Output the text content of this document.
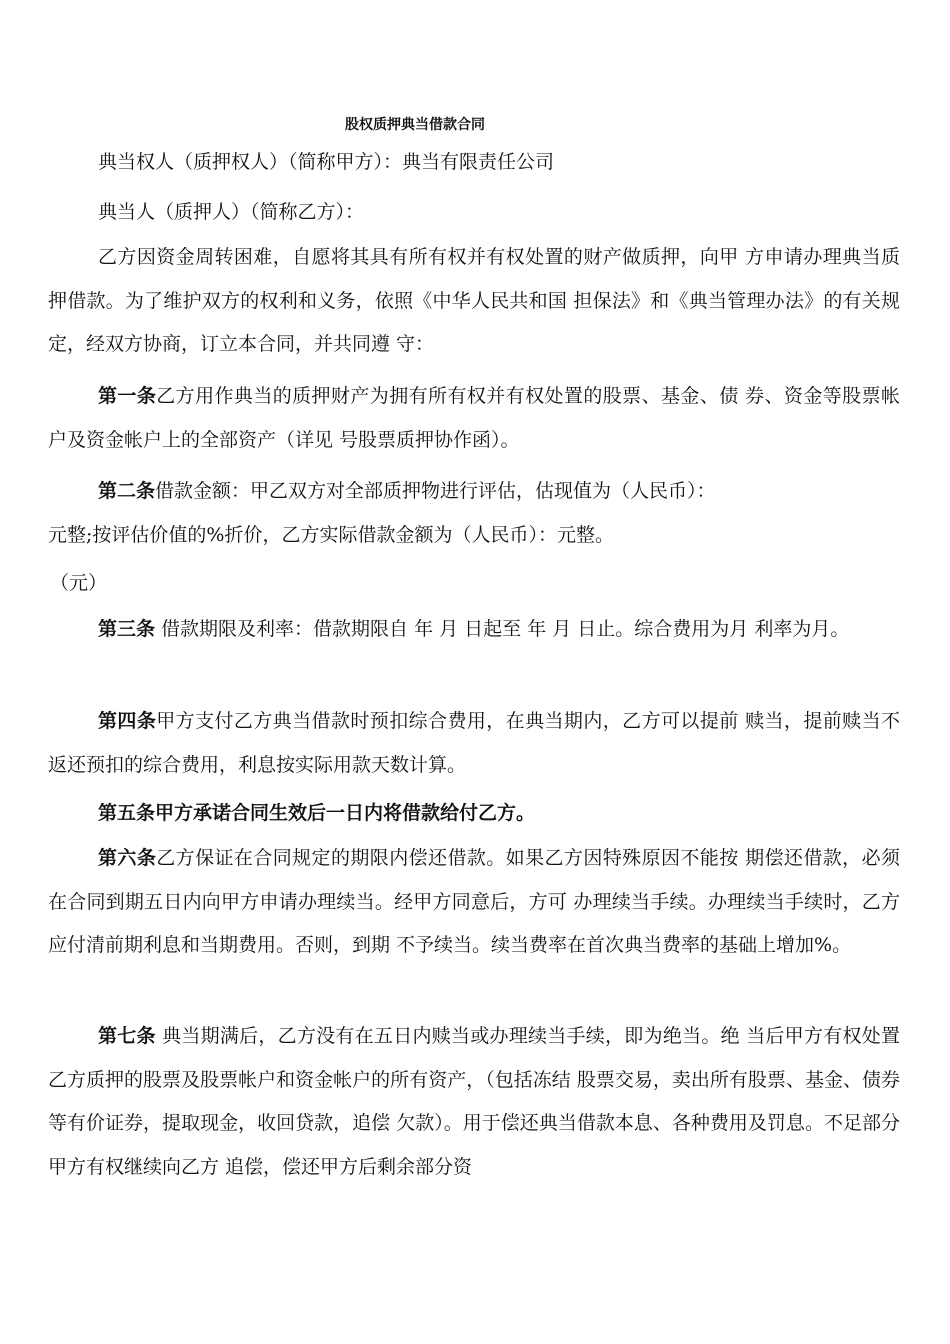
股权质押典当借款合同

典当权人（质押权人）（简称甲方）：典当有限责任公司

典当人（质押人）（简称乙方）：

乙方因资金周转困难，自愿将其具有所有权并有权处置的财产做质押，向甲 方申请办理典当质押借款。为了维护双方的权利和义务，依照《中华人民共和国 担保法》和《典当管理办法》的有关规定，经双方协商，订立本合同，并共同遵 守：

第一条乙方用作典当的质押财产为拥有所有权并有权处置的股票、基金、债 券、资金等股票帐户及资金帐户上的全部资产（详见 号股票质押协作函）。

第二条借款金额：甲乙双方对全部质押物进行评估，估现值为（人民币）：

元整;按评估价值的%折价，乙方实际借款金额为（人民币）：元整。

（元）

第三条 借款期限及利率：借款期限自 年 月 日起至 年 月 日止。综合费用为月 利率为月。

第四条甲方支付乙方典当借款时预扣综合费用，在典当期内，乙方可以提前 赎当，提前赎当不返还预扣的综合费用，利息按实际用款天数计算。

第五条甲方承诺合同生效后一日内将借款给付乙方。

第六条乙方保证在合同规定的期限内偿还借款。如果乙方因特殊原因不能按 期偿还借款，必须在合同到期五日内向甲方申请办理续当。经甲方同意后，方可 办理续当手续。办理续当手续时，乙方应付清前期利息和当期费用。否则，到期 不予续当。续当费率在首次典当费率的基础上增加%。

第七条 典当期满后，乙方没有在五日内赎当或办理续当手续，即为绝当。绝 当后甲方有权处置乙方质押的股票及股票帐户和资金帐户的所有资产，（包括冻结 股票交易，卖出所有股票、基金、债券等有价证券，提取现金，收回贷款，追偿 欠款）。用于偿还典当借款本息、各种费用及罚息。不足部分甲方有权继续向乙方 追偿，偿还甲方后剩余部分资
